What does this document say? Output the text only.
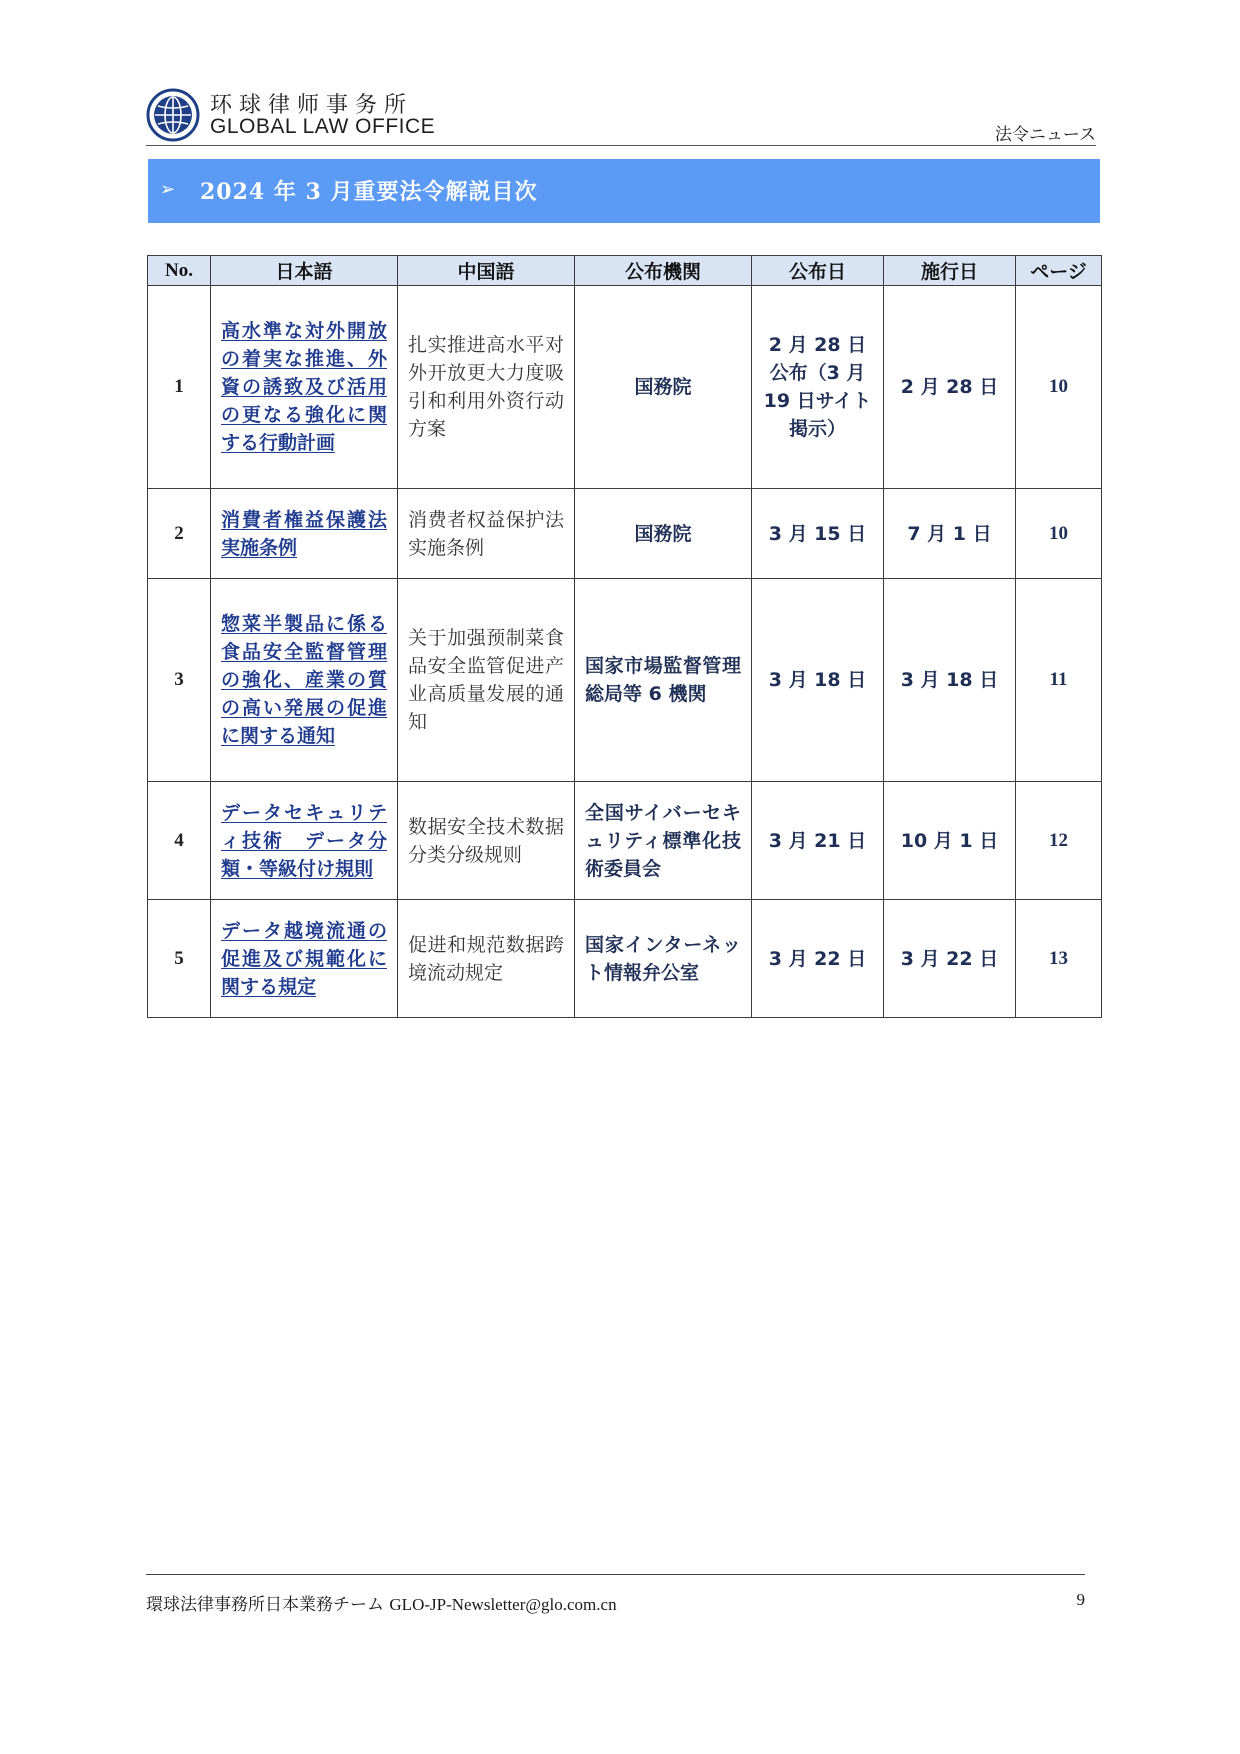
环球律师事务所
GLOBAL LAW OFFICE	法令ニュース
➢ 2024 年 3 月重要法令解説目次
No.	日本語	中国語	公布機関	公布日	施行日	ページ
1	高水準な対外開放の着実な推進、外資の誘致及び活用の更なる強化に関する行動計画	扎实推进高水平对外开放更大力度吸引和利用外资行动方案	国務院	2 月 28 日公布（3 月 19 日サイト掲示）	2 月 28 日	10
2	消費者権益保護法実施条例	消费者权益保护法实施条例	国務院	3 月 15 日	7 月 1 日	10
3	惣菜半製品に係る食品安全監督管理の強化、産業の質の高い発展の促進に関する通知	关于加强预制菜食品安全监管促进产业高质量发展的通知	国家市場監督管理総局等 6 機関	3 月 18 日	3 月 18 日	11
4	データセキュリティ技術　データ分類・等級付け規則	数据安全技术数据分类分级规则	全国サイバーセキュリティ標準化技術委員会	3 月 21 日	10 月 1 日	12
5	データ越境流通の促進及び規範化に関する規定	促进和规范数据跨境流动规定	国家インターネット情報弁公室	3 月 22 日	3 月 22 日	13
環球法律事務所日本業務チーム GLO-JP-Newsletter@glo.com.cn	9
